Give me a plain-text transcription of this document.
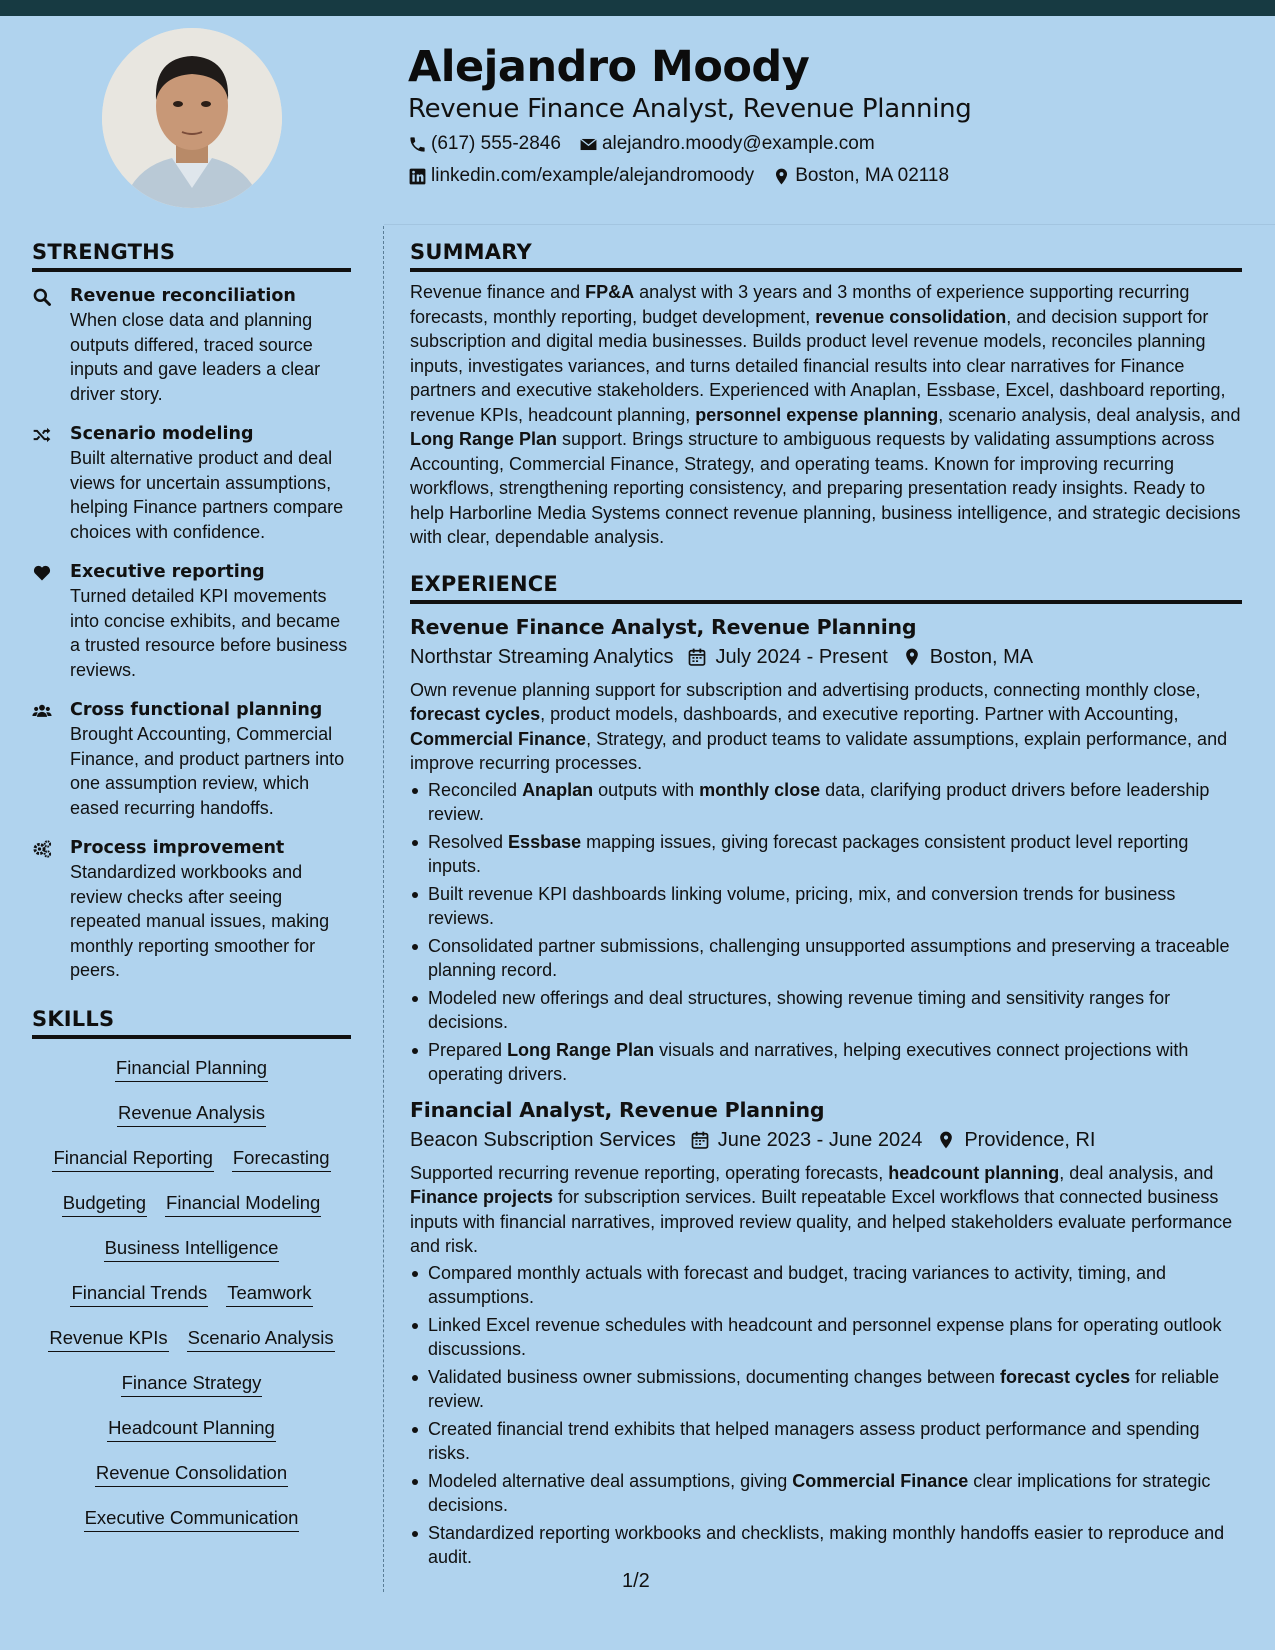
Alejandro Moody
Revenue Finance Analyst, Revenue Planning
(617) 555-2846 alejandro.moody@example.com
linkedin.com/example/alejandromoody Boston, MA 02118
STRENGTHS
Revenue reconciliation

When close data and planning outputs differed, traced source inputs and gave leaders a clear driver story.

Scenario modeling

Built alternative product and deal views for uncertain assumptions, helping Finance partners compare choices with confidence.

Executive reporting

Turned detailed KPI movements into concise exhibits, and became a trusted resource before business reviews.

Cross functional planning

Brought Accounting, Commercial Finance, and product partners into one assumption review, which eased recurring handoffs.

Process improvement

Standardized workbooks and review checks after seeing repeated manual issues, making monthly reporting smoother for peers.

SKILLS
Financial Planning
Revenue Analysis
Financial Reporting Forecasting
Budgeting Financial Modeling
Business Intelligence
Financial Trends Teamwork
Revenue KPIs Scenario Analysis
Finance Strategy
Headcount Planning
Revenue Consolidation
Executive Communication
SUMMARY

Revenue finance and FP&A analyst with 3 years and 3 months of experience supporting recurring forecasts, monthly reporting, budget development, revenue consolidation, and decision support for subscription and digital media businesses. Builds product level revenue models, reconciles planning inputs, investigates variances, and turns detailed financial results into clear narratives for Finance partners and executive stakeholders. Experienced with Anaplan, Essbase, Excel, dashboard reporting, revenue KPIs, headcount planning, personnel expense planning, scenario analysis, deal analysis, and Long Range Plan support. Brings structure to ambiguous requests by validating assumptions across Accounting, Commercial Finance, Strategy, and operating teams. Known for improving recurring workflows, strengthening reporting consistency, and preparing presentation ready insights. Ready to help Harborline Media Systems connect revenue planning, business intelligence, and strategic decisions with clear, dependable analysis.

EXPERIENCE
Revenue Finance Analyst, Revenue Planning
Northstar Streaming Analytics July 2024 - Present Boston, MA

Own revenue planning support for subscription and advertising products, connecting monthly close, forecast cycles, product models, dashboards, and executive reporting. Partner with Accounting, Commercial Finance, Strategy, and product teams to validate assumptions, explain performance, and improve recurring processes.

Reconciled Anaplan outputs with monthly close data, clarifying product drivers before leadership review.
Resolved Essbase mapping issues, giving forecast packages consistent product level reporting inputs.
Built revenue KPI dashboards linking volume, pricing, mix, and conversion trends for business reviews.
Consolidated partner submissions, challenging unsupported assumptions and preserving a traceable planning record.
Modeled new offerings and deal structures, showing revenue timing and sensitivity ranges for decisions.
Prepared Long Range Plan visuals and narratives, helping executives connect projections with operating drivers.
Financial Analyst, Revenue Planning
Beacon Subscription Services June 2023 - June 2024 Providence, RI

Supported recurring revenue reporting, operating forecasts, headcount planning, deal analysis, and Finance projects for subscription services. Built repeatable Excel workflows that connected business inputs with financial narratives, improved review quality, and helped stakeholders evaluate performance and risk.

Compared monthly actuals with forecast and budget, tracing variances to activity, timing, and assumptions.
Linked Excel revenue schedules with headcount and personnel expense plans for operating outlook discussions.
Validated business owner submissions, documenting changes between forecast cycles for reliable review.
Created financial trend exhibits that helped managers assess product performance and spending risks.
Modeled alternative deal assumptions, giving Commercial Finance clear implications for strategic decisions.
Standardized reporting workbooks and checklists, making monthly handoffs easier to reproduce and audit.
1/2
